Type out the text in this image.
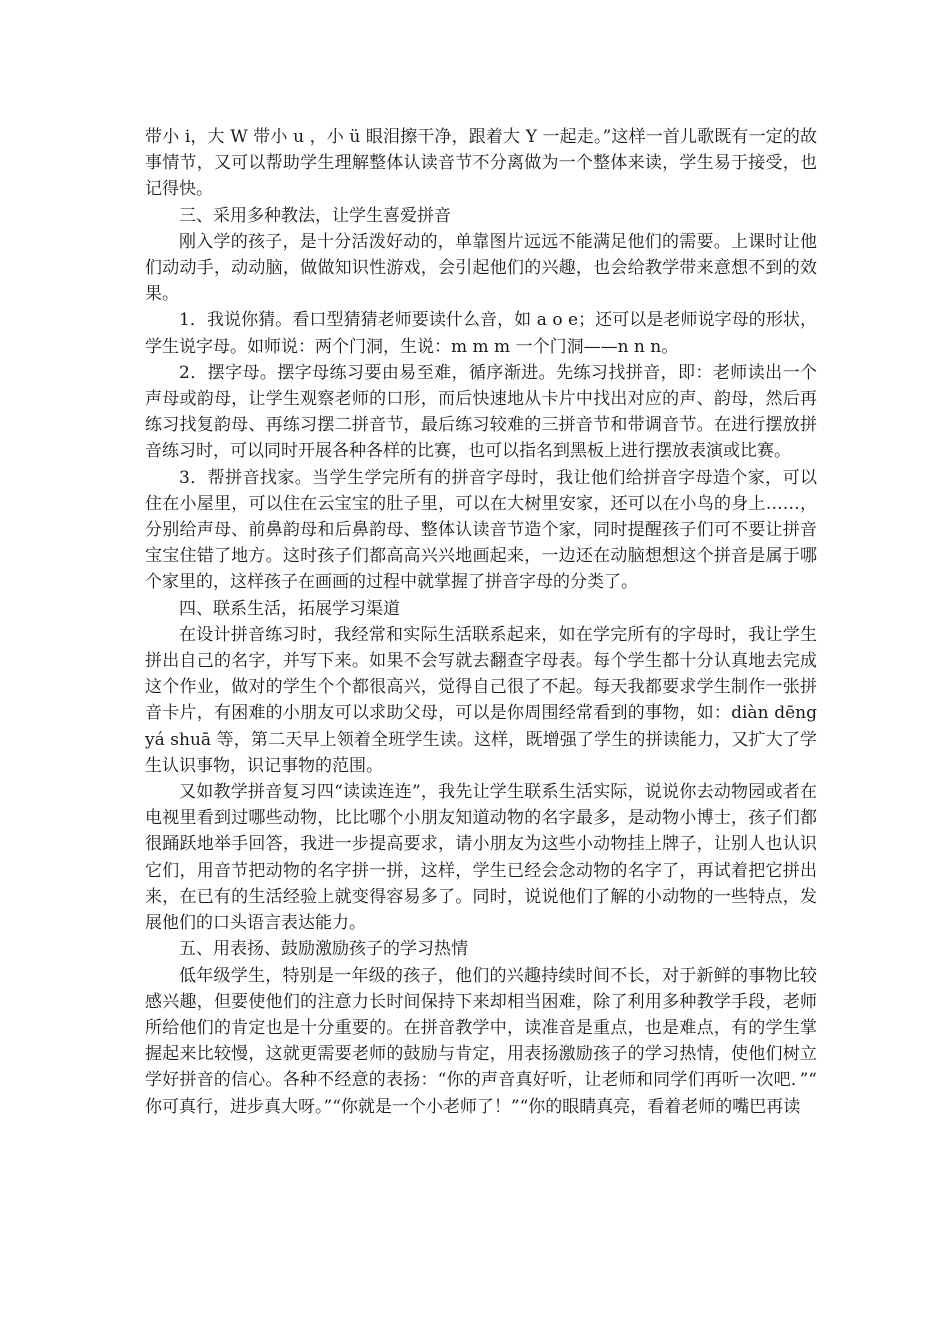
带小 i，大 W 带小 u ，小 ü 眼泪擦干净，跟着大 Y 一起走。”这样一首儿歌既有一定的故事情节，又可以帮助学生理解整体认读音节不分离做为一个整体来读，学生易于接受，也记得快。

三、采用多种教法，让学生喜爱拼音

刚入学的孩子，是十分活泼好动的，单靠图片远远不能满足他们的需要。上课时让他们动动手，动动脑，做做知识性游戏，会引起他们的兴趣，也会给教学带来意想不到的效果。

1．我说你猜。看口型猜猜老师要读什么音，如 a o e；还可以是老师说字母的形状，学生说字母。如师说：两个门洞，生说：m m m 一个门洞——n n n。

2．摆字母。摆字母练习要由易至难，循序渐进。先练习找拼音，即：老师读出一个声母或韵母，让学生观察老师的口形，而后快速地从卡片中找出对应的声、韵母，然后再练习找复韵母、再练习摆二拼音节，最后练习较难的三拼音节和带调音节。在进行摆放拼音练习时，可以同时开展各种各样的比赛，也可以指名到黑板上进行摆放表演或比赛。

3．帮拼音找家。当学生学完所有的拼音字母时，我让他们给拼音字母造个家，可以住在小屋里，可以住在云宝宝的肚子里，可以在大树里安家，还可以在小鸟的身上……，分别给声母、前鼻韵母和后鼻韵母、整体认读音节造个家，同时提醒孩子们可不要让拼音宝宝住错了地方。这时孩子们都高高兴兴地画起来，一边还在动脑想想这个拼音是属于哪个家里的，这样孩子在画画的过程中就掌握了拼音字母的分类了。

四、联系生活，拓展学习渠道

在设计拼音练习时，我经常和实际生活联系起来，如在学完所有的字母时，我让学生拼出自己的名字，并写下来。如果不会写就去翻查字母表。每个学生都十分认真地去完成这个作业，做对的学生个个都很高兴，觉得自己很了不起。每天我都要求学生制作一张拼音卡片，有困难的小朋友可以求助父母，可以是你周围经常看到的事物，如：diàn dēng yá shuā 等，第二天早上领着全班学生读。这样，既增强了学生的拼读能力，又扩大了学生认识事物，识记事物的范围。

又如教学拼音复习四“读读连连”，我先让学生联系生活实际，说说你去动物园或者在电视里看到过哪些动物，比比哪个小朋友知道动物的名字最多，是动物小博士，孩子们都很踊跃地举手回答，我进一步提高要求，请小朋友为这些小动物挂上牌子，让别人也认识它们，用音节把动物的名字拼一拼，这样，学生已经会念动物的名字了，再试着把它拼出来，在已有的生活经验上就变得容易多了。同时，说说他们了解的小动物的一些特点，发展他们的口头语言表达能力。

五、用表扬、鼓励激励孩子的学习热情

低年级学生，特别是一年级的孩子，他们的兴趣持续时间不长，对于新鲜的事物比较感兴趣，但要使他们的注意力长时间保持下来却相当困难，除了利用多种教学手段，老师所给他们的肯定也是十分重要的。在拼音教学中，读准音是重点，也是难点，有的学生掌握起来比较慢，这就更需要老师的鼓励与肯定，用表扬激励孩子的学习热情，使他们树立学好拼音的信心。各种不经意的表扬：“你的声音真好听，让老师和同学们再听一次吧．”“你可真行，进步真大呀。”“你就是一个小老师了！”“你的眼睛真亮，看着老师的嘴巴再读
